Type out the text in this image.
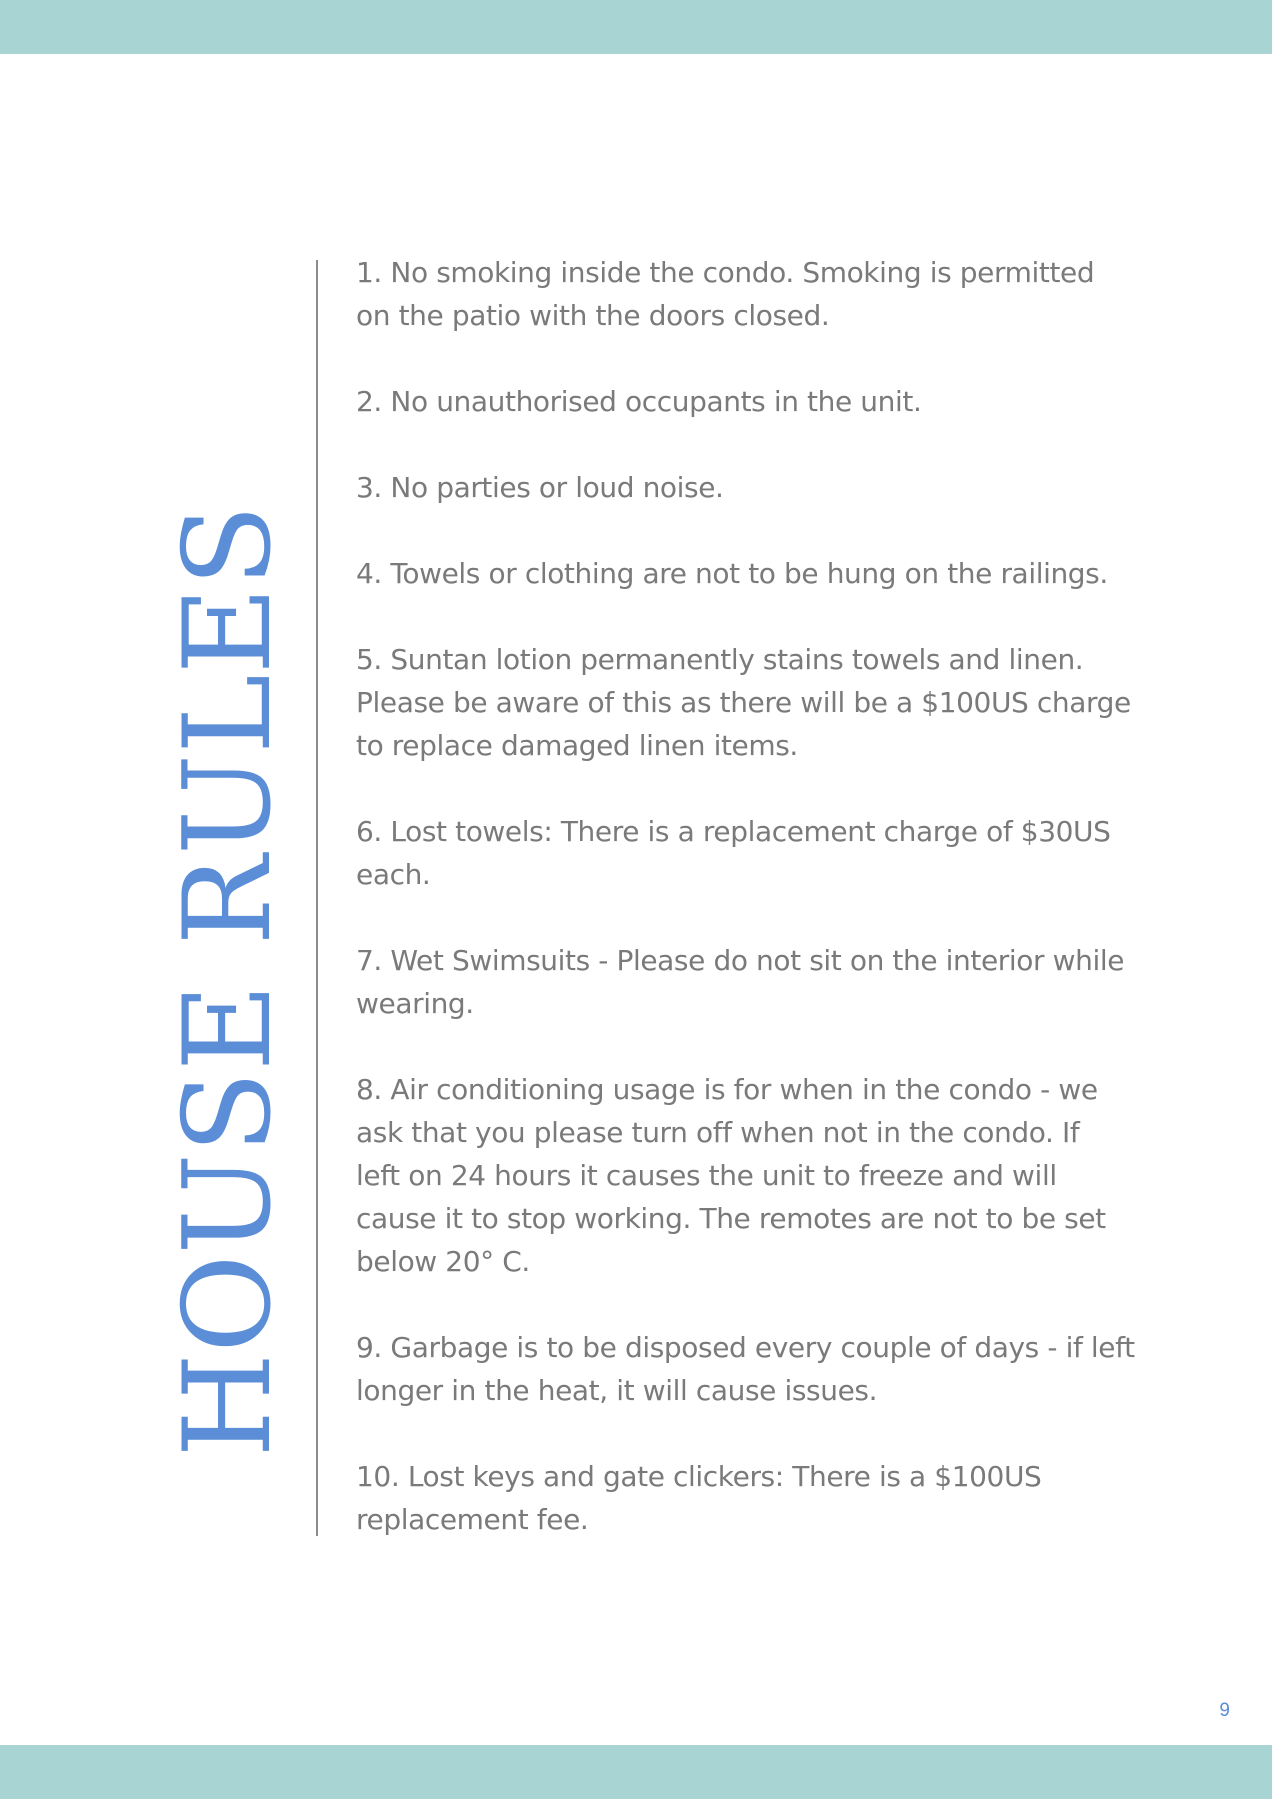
HOUSE RULES
1. No smoking inside the condo. Smoking is permitted
on the patio with the doors closed.
2. No unauthorised occupants in the unit.
3. No parties or loud noise.
4. Towels or clothing are not to be hung on the railings.
5. Suntan lotion permanently stains towels and linen.
Please be aware of this as there will be a $100US charge
to replace damaged linen items.
6. Lost towels: There is a replacement charge of $30US
each.
7. Wet Swimsuits - Please do not sit on the interior while
wearing.
8. Air conditioning usage is for when in the condo - we
ask that you please turn off when not in the condo. If
left on 24 hours it causes the unit to freeze and will
cause it to stop working. The remotes are not to be set
below 20° C.
9. Garbage is to be disposed every couple of days - if left
longer in the heat, it will cause issues.
10. Lost keys and gate clickers: There is a $100US
replacement fee.
9
